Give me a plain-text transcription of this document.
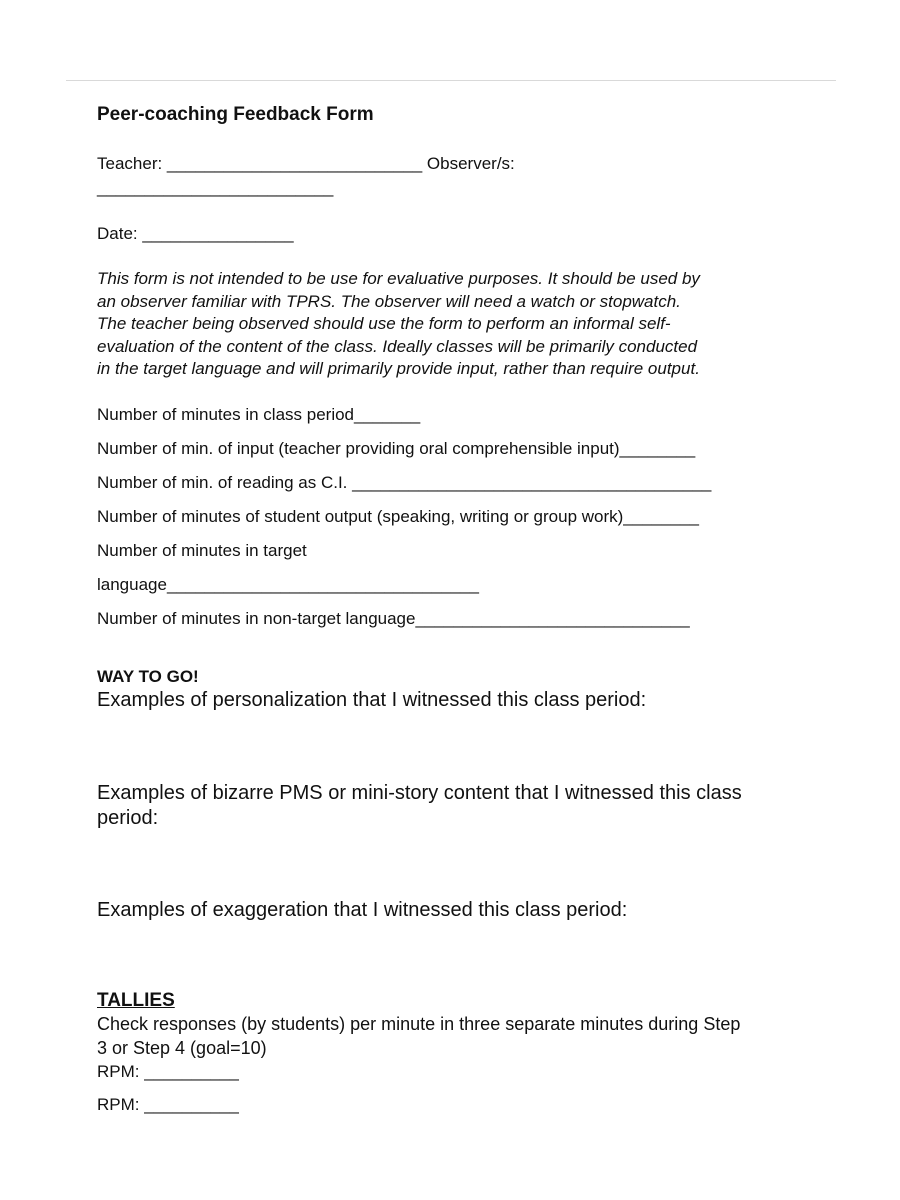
Peer-coaching Feedback Form

Teacher: ___________________________ Observer/s:

_________________________

Date: ________________

This form is not intended to be use for evaluative purposes. It should be used by
an observer familiar with TPRS. The observer will need a watch or stopwatch.
The teacher being observed should use the form to perform an informal self-
evaluation of the content of the class. Ideally classes will be primarily conducted
in the target language and will primarily provide input, rather than require output.

Number of minutes in class period_______

Number of min. of input (teacher providing oral comprehensible input)________

Number of min. of reading as C.I. ______________________________________

Number of minutes of student output (speaking, writing or group work)________

Number of minutes in target

language_________________________________

Number of minutes in non-target language_____________________________

WAY TO GO!

Examples of personalization that I witnessed this class period:

Examples of bizarre PMS or mini-story content that I witnessed this class
period:

Examples of exaggeration that I witnessed this class period:

TALLIES

Check responses (by students) per minute in three separate minutes during Step
3 or Step 4 (goal=10)

RPM: __________

RPM: __________
